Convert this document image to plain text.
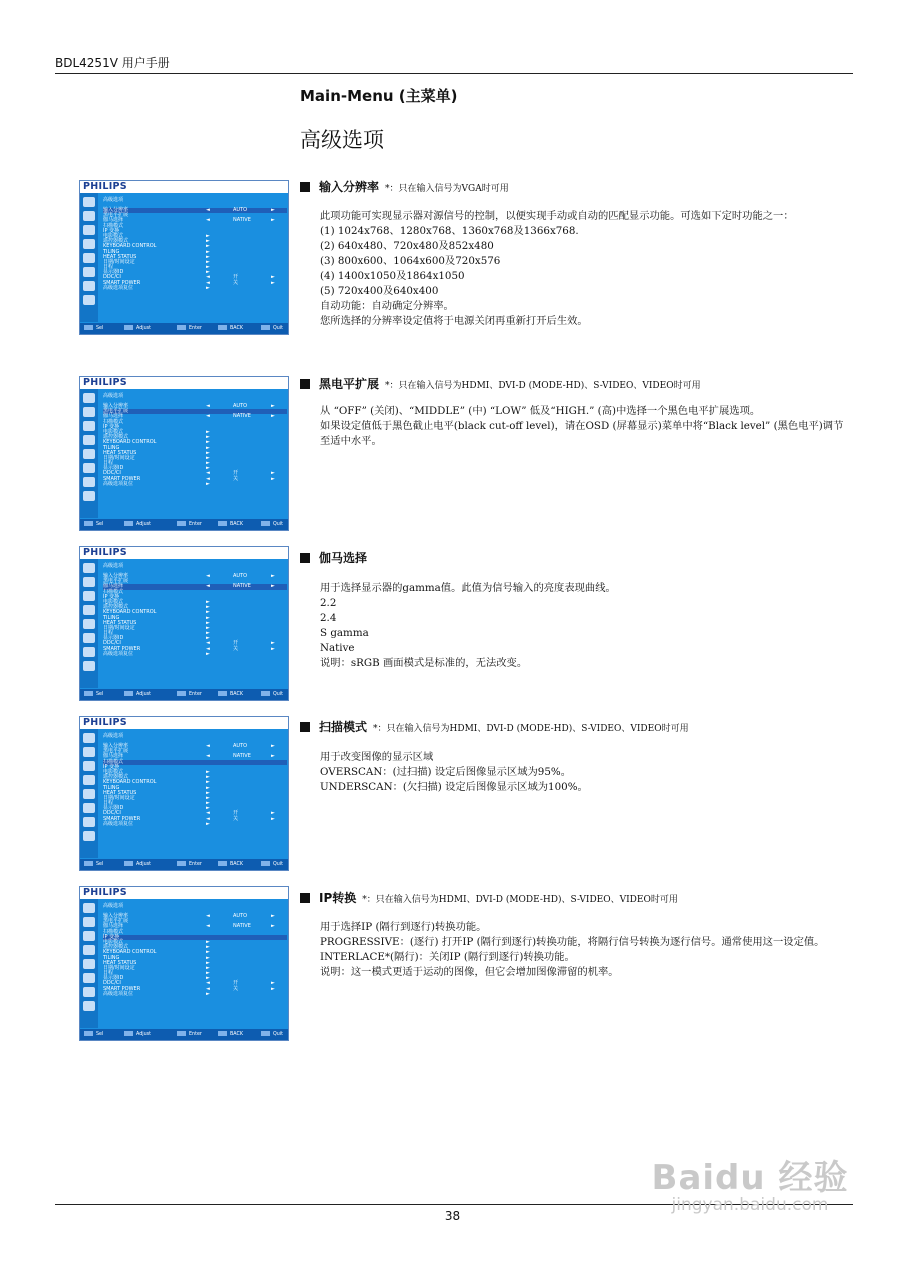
BDL4251V 用户手册
Main-Menu (主菜单)
高级选项
PHILIPS
高级选项
输入分辨率	◄	AUTO	►
黑电平扩展
伽马选择	◄	NATIVE	►
扫描模式
IP 变换
电影模式	►
遥控器模式	►
KEYBOARD CONTROL	►
TILING	►
HEAT STATUS	►
日期/时间设定	►
日程	►
显示器ID	►
DDC/CI	◄	开	►
SMART POWER	◄	关	►
高级选项复位	►
Sel	Adjust	Enter	BACK	Quit
输入分辨率 *：只在输入信号为VGA时可用
此项功能可实现显示器对源信号的控制，以便实现手动或自动的匹配显示功能。可选如下定时功能之一：
(1) 1024x768、1280x768、1360x768及1366x768.
(2) 640x480、720x480及852x480
(3) 800x600、1064x600及720x576
(4) 1400x1050及1864x1050
(5) 720x400及640x400
自动功能：自动确定分辨率。
您所选择的分辨率设定值将于电源关闭再重新打开后生效。
PHILIPS
高级选项
输入分辨率	◄	AUTO	►
黑电平扩展
伽马选择	◄	NATIVE	►
扫描模式
IP 变换
电影模式	►
遥控器模式	►
KEYBOARD CONTROL	►
TILING	►
HEAT STATUS	►
日期/时间设定	►
日程	►
显示器ID	►
DDC/CI	◄	开	►
SMART POWER	◄	关	►
高级选项复位	►
Sel	Adjust	Enter	BACK	Quit
黑电平扩展 *：只在输入信号为HDMI、DVI-D (MODE-HD)、S-VIDEO、VIDEO时可用
从 “OFF” (关闭)、“MIDDLE” (中) “LOW” 低及“HIGH.” (高)中选择一个黑色电平扩展选项。
如果设定值低于黑色截止电平(black cut-off level)，请在OSD (屏幕显示)菜单中将“Black level” (黑色电平)调节至适中水平。
PHILIPS
高级选项
输入分辨率	◄	AUTO	►
黑电平扩展
伽马选择	◄	NATIVE	►
扫描模式
IP 变换
电影模式	►
遥控器模式	►
KEYBOARD CONTROL	►
TILING	►
HEAT STATUS	►
日期/时间设定	►
日程	►
显示器ID	►
DDC/CI	◄	开	►
SMART POWER	◄	关	►
高级选项复位	►
Sel	Adjust	Enter	BACK	Quit
伽马选择
用于选择显示器的gamma值。此值为信号输入的亮度表现曲线。
2.2
2.4
S gamma
Native
说明：sRGB 画面模式是标准的，无法改变。
PHILIPS
高级选项
输入分辨率	◄	AUTO	►
黑电平扩展
伽马选择	◄	NATIVE	►
扫描模式
IP 变换
电影模式	►
遥控器模式	►
KEYBOARD CONTROL	►
TILING	►
HEAT STATUS	►
日期/时间设定	►
日程	►
显示器ID	►
DDC/CI	◄	开	►
SMART POWER	◄	关	►
高级选项复位	►
Sel	Adjust	Enter	BACK	Quit
扫描模式 *：只在输入信号为HDMI、DVI-D (MODE-HD)、S-VIDEO、VIDEO时可用
用于改变图像的显示区域
OVERSCAN：(过扫描) 设定后图像显示区域为95%。
UNDERSCAN：(欠扫描) 设定后图像显示区域为100%。
PHILIPS
高级选项
输入分辨率	◄	AUTO	►
黑电平扩展
伽马选择	◄	NATIVE	►
扫描模式
IP 变换
电影模式	►
遥控器模式	►
KEYBOARD CONTROL	►
TILING	►
HEAT STATUS	►
日期/时间设定	►
日程	►
显示器ID	►
DDC/CI	◄	开	►
SMART POWER	◄	关	►
高级选项复位	►
Sel	Adjust	Enter	BACK	Quit
IP转换 *：只在输入信号为HDMI、DVI-D (MODE-HD)、S-VIDEO、VIDEO时可用
用于选择IP (隔行到逐行)转换功能。
PROGRESSIVE：(逐行) 打开IP (隔行到逐行)转换功能，将隔行信号转换为逐行信号。通常使用这一设定值。
INTERLACE*(隔行)：关闭IP (隔行到逐行)转换功能。
说明：这一模式更适于运动的图像，但它会增加图像滞留的机率。
38
Baidu 经验
jingyan.baidu.com
